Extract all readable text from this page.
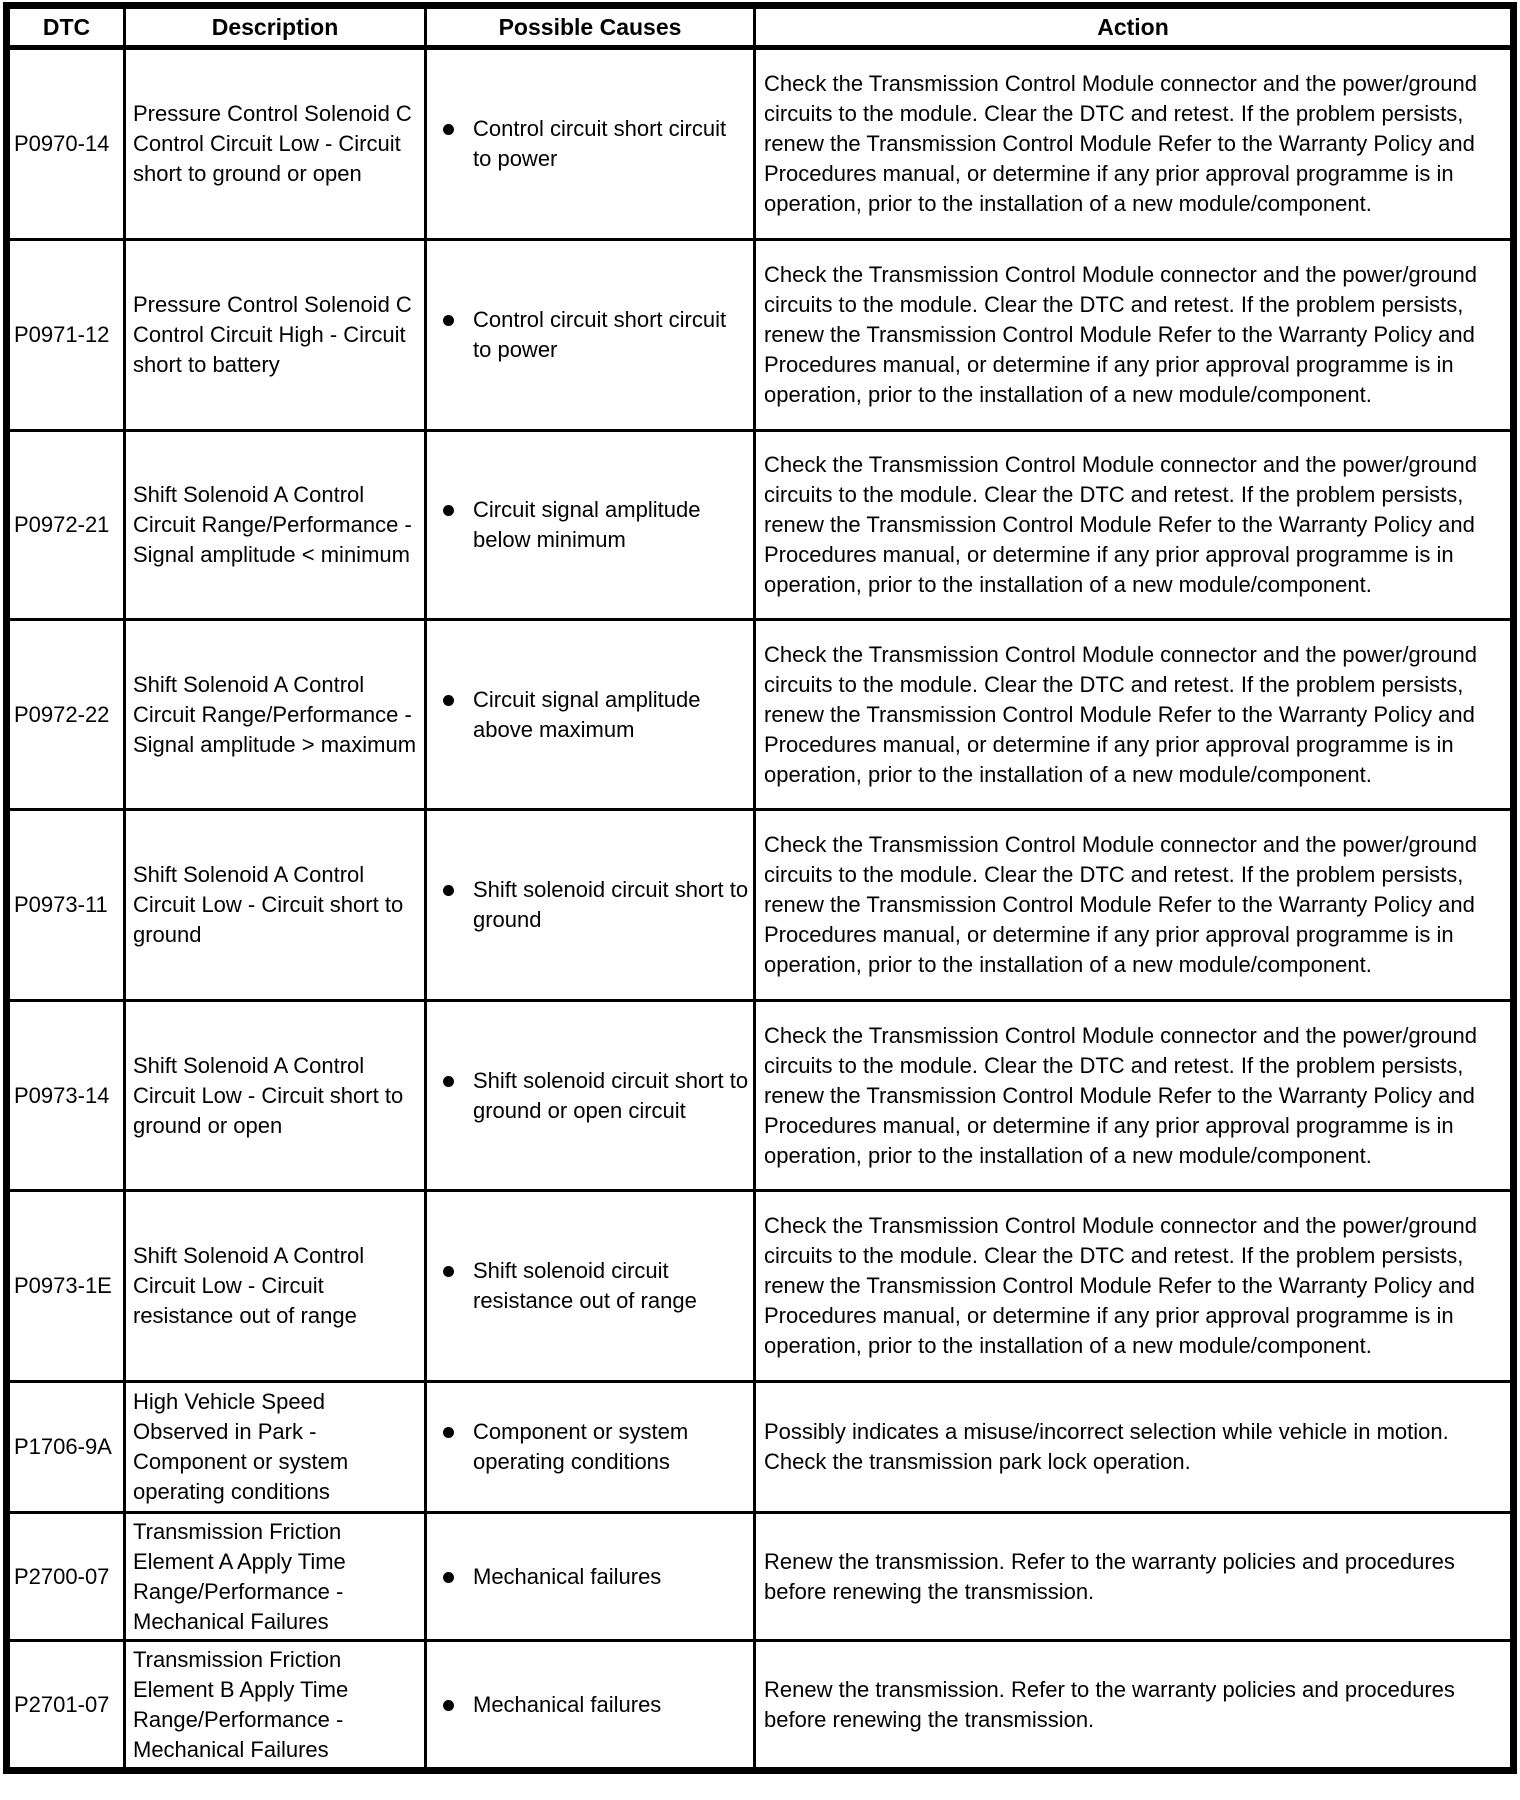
DTC	Description	Possible Causes	Action
P0970-14	Pressure Control Solenoid C Control Circuit Low - Circuit short to ground or open	Control circuit short circuit to power	Check the Transmission Control Module connector and the power/ground circuits to the module. Clear the DTC and retest. If the problem persists, renew the Transmission Control Module Refer to the Warranty Policy and Procedures manual, or determine if any prior approval programme is in operation, prior to the installation of a new module/component.
P0971-12	Pressure Control Solenoid C Control Circuit High - Circuit short to battery	Control circuit short circuit to power	Check the Transmission Control Module connector and the power/ground circuits to the module. Clear the DTC and retest. If the problem persists, renew the Transmission Control Module Refer to the Warranty Policy and Procedures manual, or determine if any prior approval programme is in operation, prior to the installation of a new module/component.
P0972-21	Shift Solenoid A Control Circuit Range/Performance - Signal amplitude < minimum	Circuit signal amplitude below minimum	Check the Transmission Control Module connector and the power/ground circuits to the module. Clear the DTC and retest. If the problem persists, renew the Transmission Control Module Refer to the Warranty Policy and Procedures manual, or determine if any prior approval programme is in operation, prior to the installation of a new module/component.
P0972-22	Shift Solenoid A Control Circuit Range/Performance - Signal amplitude > maximum	Circuit signal amplitude above maximum	Check the Transmission Control Module connector and the power/ground circuits to the module. Clear the DTC and retest. If the problem persists, renew the Transmission Control Module Refer to the Warranty Policy and Procedures manual, or determine if any prior approval programme is in operation, prior to the installation of a new module/component.
P0973-11	Shift Solenoid A Control Circuit Low - Circuit short to ground	Shift solenoid circuit short to ground	Check the Transmission Control Module connector and the power/ground circuits to the module. Clear the DTC and retest. If the problem persists, renew the Transmission Control Module Refer to the Warranty Policy and Procedures manual, or determine if any prior approval programme is in operation, prior to the installation of a new module/component.
P0973-14	Shift Solenoid A Control Circuit Low - Circuit short to ground or open	Shift solenoid circuit short to ground or open circuit	Check the Transmission Control Module connector and the power/ground circuits to the module. Clear the DTC and retest. If the problem persists, renew the Transmission Control Module Refer to the Warranty Policy and Procedures manual, or determine if any prior approval programme is in operation, prior to the installation of a new module/component.
P0973-1E	Shift Solenoid A Control Circuit Low - Circuit resistance out of range	Shift solenoid circuit resistance out of range	Check the Transmission Control Module connector and the power/ground circuits to the module. Clear the DTC and retest. If the problem persists, renew the Transmission Control Module Refer to the Warranty Policy and Procedures manual, or determine if any prior approval programme is in operation, prior to the installation of a new module/component.
P1706-9A	High Vehicle Speed Observed in Park - Component or system operating conditions	Component or system operating conditions	Possibly indicates a misuse/incorrect selection while vehicle in motion. Check the transmission park lock operation.
P2700-07	Transmission Friction Element A Apply Time Range/Performance - Mechanical Failures	Mechanical failures	Renew the transmission. Refer to the warranty policies and procedures before renewing the transmission.
P2701-07	Transmission Friction Element B Apply Time Range/Performance - Mechanical Failures	Mechanical failures	Renew the transmission. Refer to the warranty policies and procedures before renewing the transmission.
